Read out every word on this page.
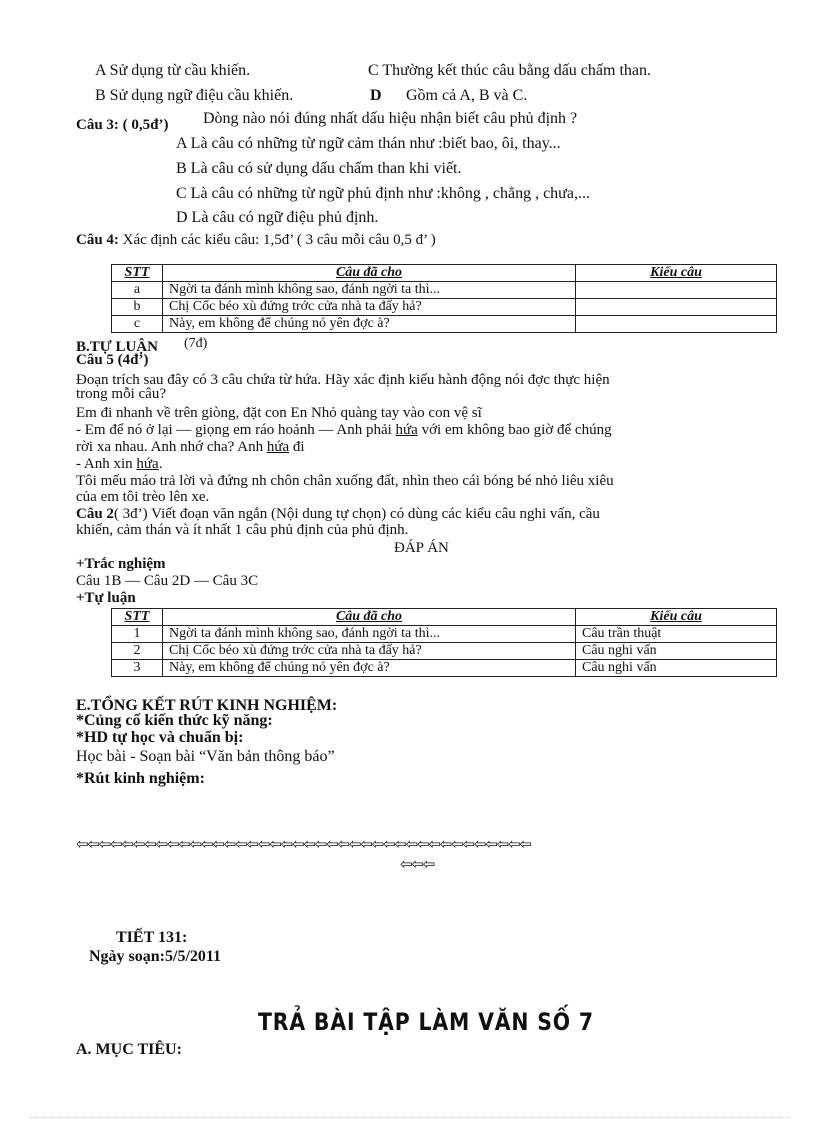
A Sử dụng từ cầu khiến.	C Thường kết thúc câu bằng dấu chấm than.
B Sử dụng ngữ điệu cầu khiến.	D Gồm cả A, B và C.
Câu 3: ( 0,5đ’) Dòng nào nói đúng nhất dấu hiệu nhận biết câu phủ định ?
A Là câu có những từ ngữ cảm thán như :biết bao, ôi, thay...
B Là câu có sử dụng dấu chấm than khi viết.
C Là câu có những từ ngữ phủ định như :không , chẳng , chưa,...
D Là câu có ngữ điệu phủ định.
Câu 4: Xác định các kiểu câu: 1,5đ’ ( 3 câu mỗi câu 0,5 đ’ )
STT	Câu đã cho	Kiểu câu
a	Ngời ta đánh mình không sao, đánh ngời ta thì...	
b	Chị Cốc béo xù đứng trớc cửa nhà ta đấy hả?	
c	Này, em không để chúng nó yên đợc à?	
B.TỰ LUẬN (7đ)
Câu 5 (4đ’)
Đoạn trích sau đây có 3 câu chứa từ hứa. Hãy xác định kiểu hành động nói đợc thực hiện
trong mỗi câu?
Em đi nhanh về trên giòng, đặt con En Nhỏ quàng tay vào con vệ sĩ
- Em để nó ở lại — giọng em ráo hoảnh — Anh phải hứa với em không bao giờ để chúng
rời xa nhau. Anh nhớ cha? Anh hứa đi
- Anh xin hứa.
Tôi mếu máo trả lời và đứng nh chôn chân xuống đất, nhìn theo cái bóng bé nhỏ liêu xiêu
của em tôi trèo lên xe.
Câu 2( 3đ’) Viết đoạn văn ngắn (Nội dung tự chọn) có dùng các kiểu câu nghi vấn, cầu
khiến, cảm thán và ít nhất 1 câu phủ định của phủ định.
ĐÁP ÁN
+Trắc nghiệm
Câu 1B — Câu 2D — Câu 3C
+Tự luận
STT	Câu đã cho	Kiểu câu
1	Ngời ta đánh mình không sao, đánh ngời ta thì...	Câu trần thuật
2	Chị Cốc béo xù đứng trớc cửa nhà ta đấy hả?	Câu nghi vấn
3	Này, em không để chúng nó yên đợc à?	Câu nghi vấn
E.TỔNG KẾT RÚT KINH NGHIỆM:
*Củng cố kiến thức kỹ năng:
*HD tự học và chuẩn bị:
Học bài - Soạn bài “Văn bản thông báo”
*Rút kinh nghiệm:
⇦⇦⇦⇦⇦⇦⇦⇦⇦⇦⇦⇦⇦⇦⇦⇦⇦⇦⇦⇦⇦⇦⇦⇦⇦⇦⇦⇦⇦⇦⇦⇦⇦⇦⇦⇦⇦⇦⇦⇦
⇦⇦⇦
TIẾT 131:
Ngày soạn:5/5/2011
TRẢ BÀI TẬP LÀM VĂN SỐ 7
A. MỤC TIÊU:
